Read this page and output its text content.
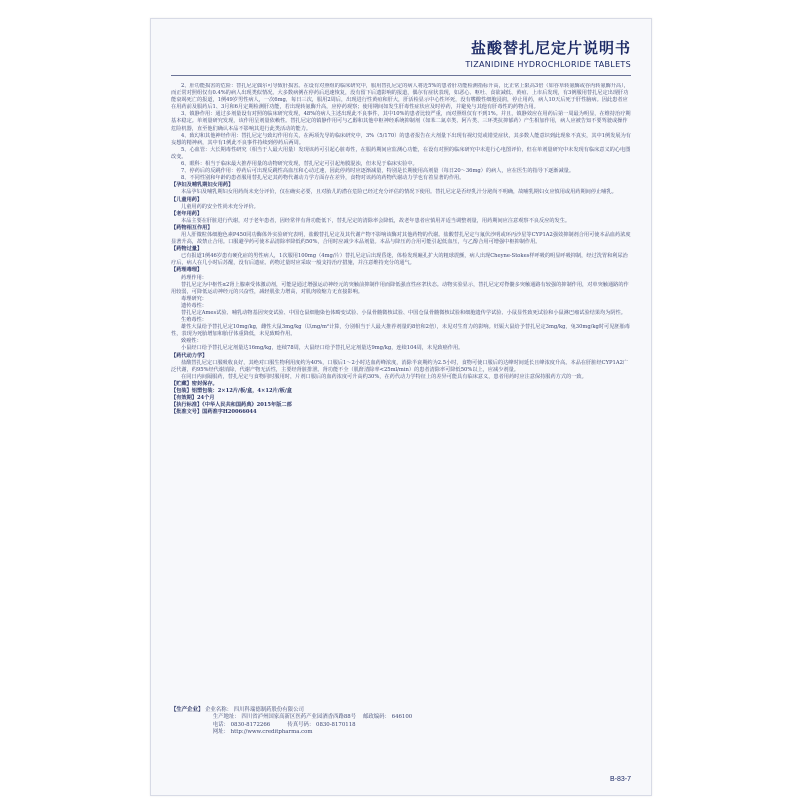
盐酸替扎尼定片说明书
TIZANIDINE HYDROCHLORIDE TABLETS

2、肝功能损害的危险：替扎尼定偶尔可导致肝损害。在设有对照组的临床研究中，服用替扎尼定的病人将近5%的患者肝功能检测指标升高，比正常上限高3倍（如谷草转氨酶或谷丙转氨酶升高），而正常对照组仅有0.4%的病人出现类似情况。大多数病例在停药后迅速恢复，没有留下后遗影响的报道，偶尔有症状表现，如恶心、呕吐、食欲减低、黄疸、上市后发现，有3例服用替扎尼定出现肝功能衰竭死亡的报道，1例49岁男性病人，一次6mg，每日三次，服用2周后，出现进行性黄疸和肝大，肝活检显示中心性坏死，没有嗜酸性细胞浸润，停止用药，病人10天后死于肝性脑病。因此患者应在用药前及服药后1、3月和6月定期检测肝功能，若出现转氨酶升高，应停药观察；使用期间如发生肝毒性症状应及时停药，并避免与其他有肝毒性的药物合用。

3、镇静作用：通过多剂量设有对照的临床研究发现，48%的病人主述出现此不良事件，其中10%的患者比较严重，而对照组仅有不到1%。并且，镇静效应在用药后第一周最为明显，在维持治疗期基本稳定。单剂量研究发现，该作用呈剂量依赖性。替扎尼定的镇静作用可与乙醇和其他中枢神经系统抑制剂（如苯二氮卓类、阿片类、三环类抗抑郁药）产生相加作用，病人应被告知不要驾驶或操作危险机器，直至他们确认本品不影响其进行此类活动的能力。

4、致幻和其他神经作用：替扎尼定与致幻作用有关，在两项先导的临床研究中，3%（5/170）的患者报告在大剂量下出现有视幻觉或错觉症状，其多数人能意识到此现象不真实，其中1例发展为有妄想的精神病，其中有1例此不良事件持续到停药后两周。

5、心血管：大长期毒性研究（相当于人最大用量）发现该药可引起心脏毒性，在服药期间应监测心功能，在设有对照的临床研究中未进行心电图评价，但在单剂量研究中未发现有临床意义的心电图改变。

6、眼科：相当于临床最大推荐用量的动物研究发现，替扎尼定可引起角膜混浊，但未见于临床实验中。

7、停药后的反跳作用：停药后可出现反跳性高血压和心动过速，因此停药时应逐渐减量，特别是长期使用高剂量（每日20～36mg）的病人，应在医生的指导下逐渐减量。

8、不同性别和年龄的患者服用替扎尼定其药物代谢动力学方面存在差异，食物对该药的药物代谢动力学也有着显著的作用。

【孕妇及哺乳期妇女用药】

本品孕妇及哺乳期妇女用药尚未充分评价，仅在确实必要，且对胎儿的潜在危险已经过充分评估的情况下使用。替扎尼定是否经乳汁分泌尚不明确，故哺乳期妇女应慎用或用药期间停止哺乳。

【儿童用药】

儿童用药的安全性尚未充分评价。

【老年用药】

本品主要在肝脏进行代谢，对于老年患者，因经常伴有肾功能低下，替扎尼定的清除率会降低，故老年患者应慎用并适当调整剂量，用药期间应注意观察不良反应的发生。

【药物相互作用】

用人肝微粒体细胞色素P450同功酶体外实验研究表明，盐酸替扎尼定及其代谢产物不影响该酶对其他药物的代谢。盐酸替扎尼定与氟伏沙明或环丙沙星等CYP1A2强效抑制剂合用可使本品血药浓度显著升高，故禁止合用。口服避孕药可使本品清除率降低约50%，合用时应减少本品剂量。本品与降压药合用可能引起低血压，与乙醇合用可增强中枢抑制作用。

【药物过量】

已有报道1例46岁患有硬化症的男性病人，1次服用100mg（4mg/片）替扎尼定后出现昏迷，体检发现瞳孔扩大的粗球震颤，病人出现Cheyne-Stokes样呼吸的明显呼吸抑制，经过洗胃和利尿治疗后，病人在几小时后苏醒，没有后遗症。药物过量时应采取一般支持治疗措施，并注意维持充分的通气。

【药理毒理】

药理作用：

替扎尼定为中枢性α2肾上腺素受体激动剂，可能是通过增强运动神经元的突触前抑制作用而降低强直性痉挛状态。动物实验显示，替扎尼定对脊髓多突触通路有较强的抑制作用，对单突触通路的作用较弱，可降低运动神经元的兴奋性，减轻肌张力增高，对肌肉收缩力无直接影响。

毒理研究：

遗传毒性：

替扎尼定Ames试验、哺乳动物基因突变试验、中国仓鼠细胞染色体畸变试验、小鼠骨髓微核试验、中国仓鼠骨髓微核试验和细胞遗传学试验、小鼠显性致死试验和小鼠淋巴瘤试验结果均为阴性。

生殖毒性：

雄性大鼠给予替扎尼定10mg/kg，雌性大鼠3mg/kg（以mg/m²计算，分别相当于人最大推荐剂量的8倍和2倍），未见对生育力的影响。妊娠大鼠给予替扎尼定3mg/kg，兔30mg/kg时可见胚胎毒性，表现为死胎增加和胎仔体重降低，未见致畸作用。

致癌性：

小鼠经口给予替扎尼定剂量达16mg/kg，连续78周，大鼠经口给予替扎尼定剂量达9mg/kg，连续104周，未见致癌作用。

【药代动力学】

盐酸替扎尼定口服吸收良好，其绝对口服生物利用度约为40%，口服后1～2小时达血药峰浓度，消除半衰期约为2.5小时，食物可使口服后的达峰时间延长且峰浓度升高。本品在肝脏经CYP1A2广泛代谢，约95%经代谢消除，代谢产物无活性，主要经肾脏排泄。肾功能不全（肌酐清除率<25ml/min）的患者清除率可降低50%以上，应减少剂量。

在同日内间隔服药，替扎尼定与食物同时服用时，片剂口服后的血药浓度可升高约30%，在药代动力学特征上的差异可能具有临床意义，患者用药时应注意保持服药方式的一致。

【贮藏】密封保存。

【包装】铝塑包装：2×12片/板/盒，4×12片/板/盒

【有效期】24个月

【执行标准】《中华人民共和国药典》2015年版二部

【批准文号】国药准字H20066044

【生产企业】 企业名称： 四川科瑞德制药股份有限公司
生产地址： 四川省泸州国家高新区医药产业园酒香西路88号 邮政编码： 646100
电话： 0830-8172266	传真号码： 0830-8170118
网址： http://www.creditpharma.com
B-83-7
